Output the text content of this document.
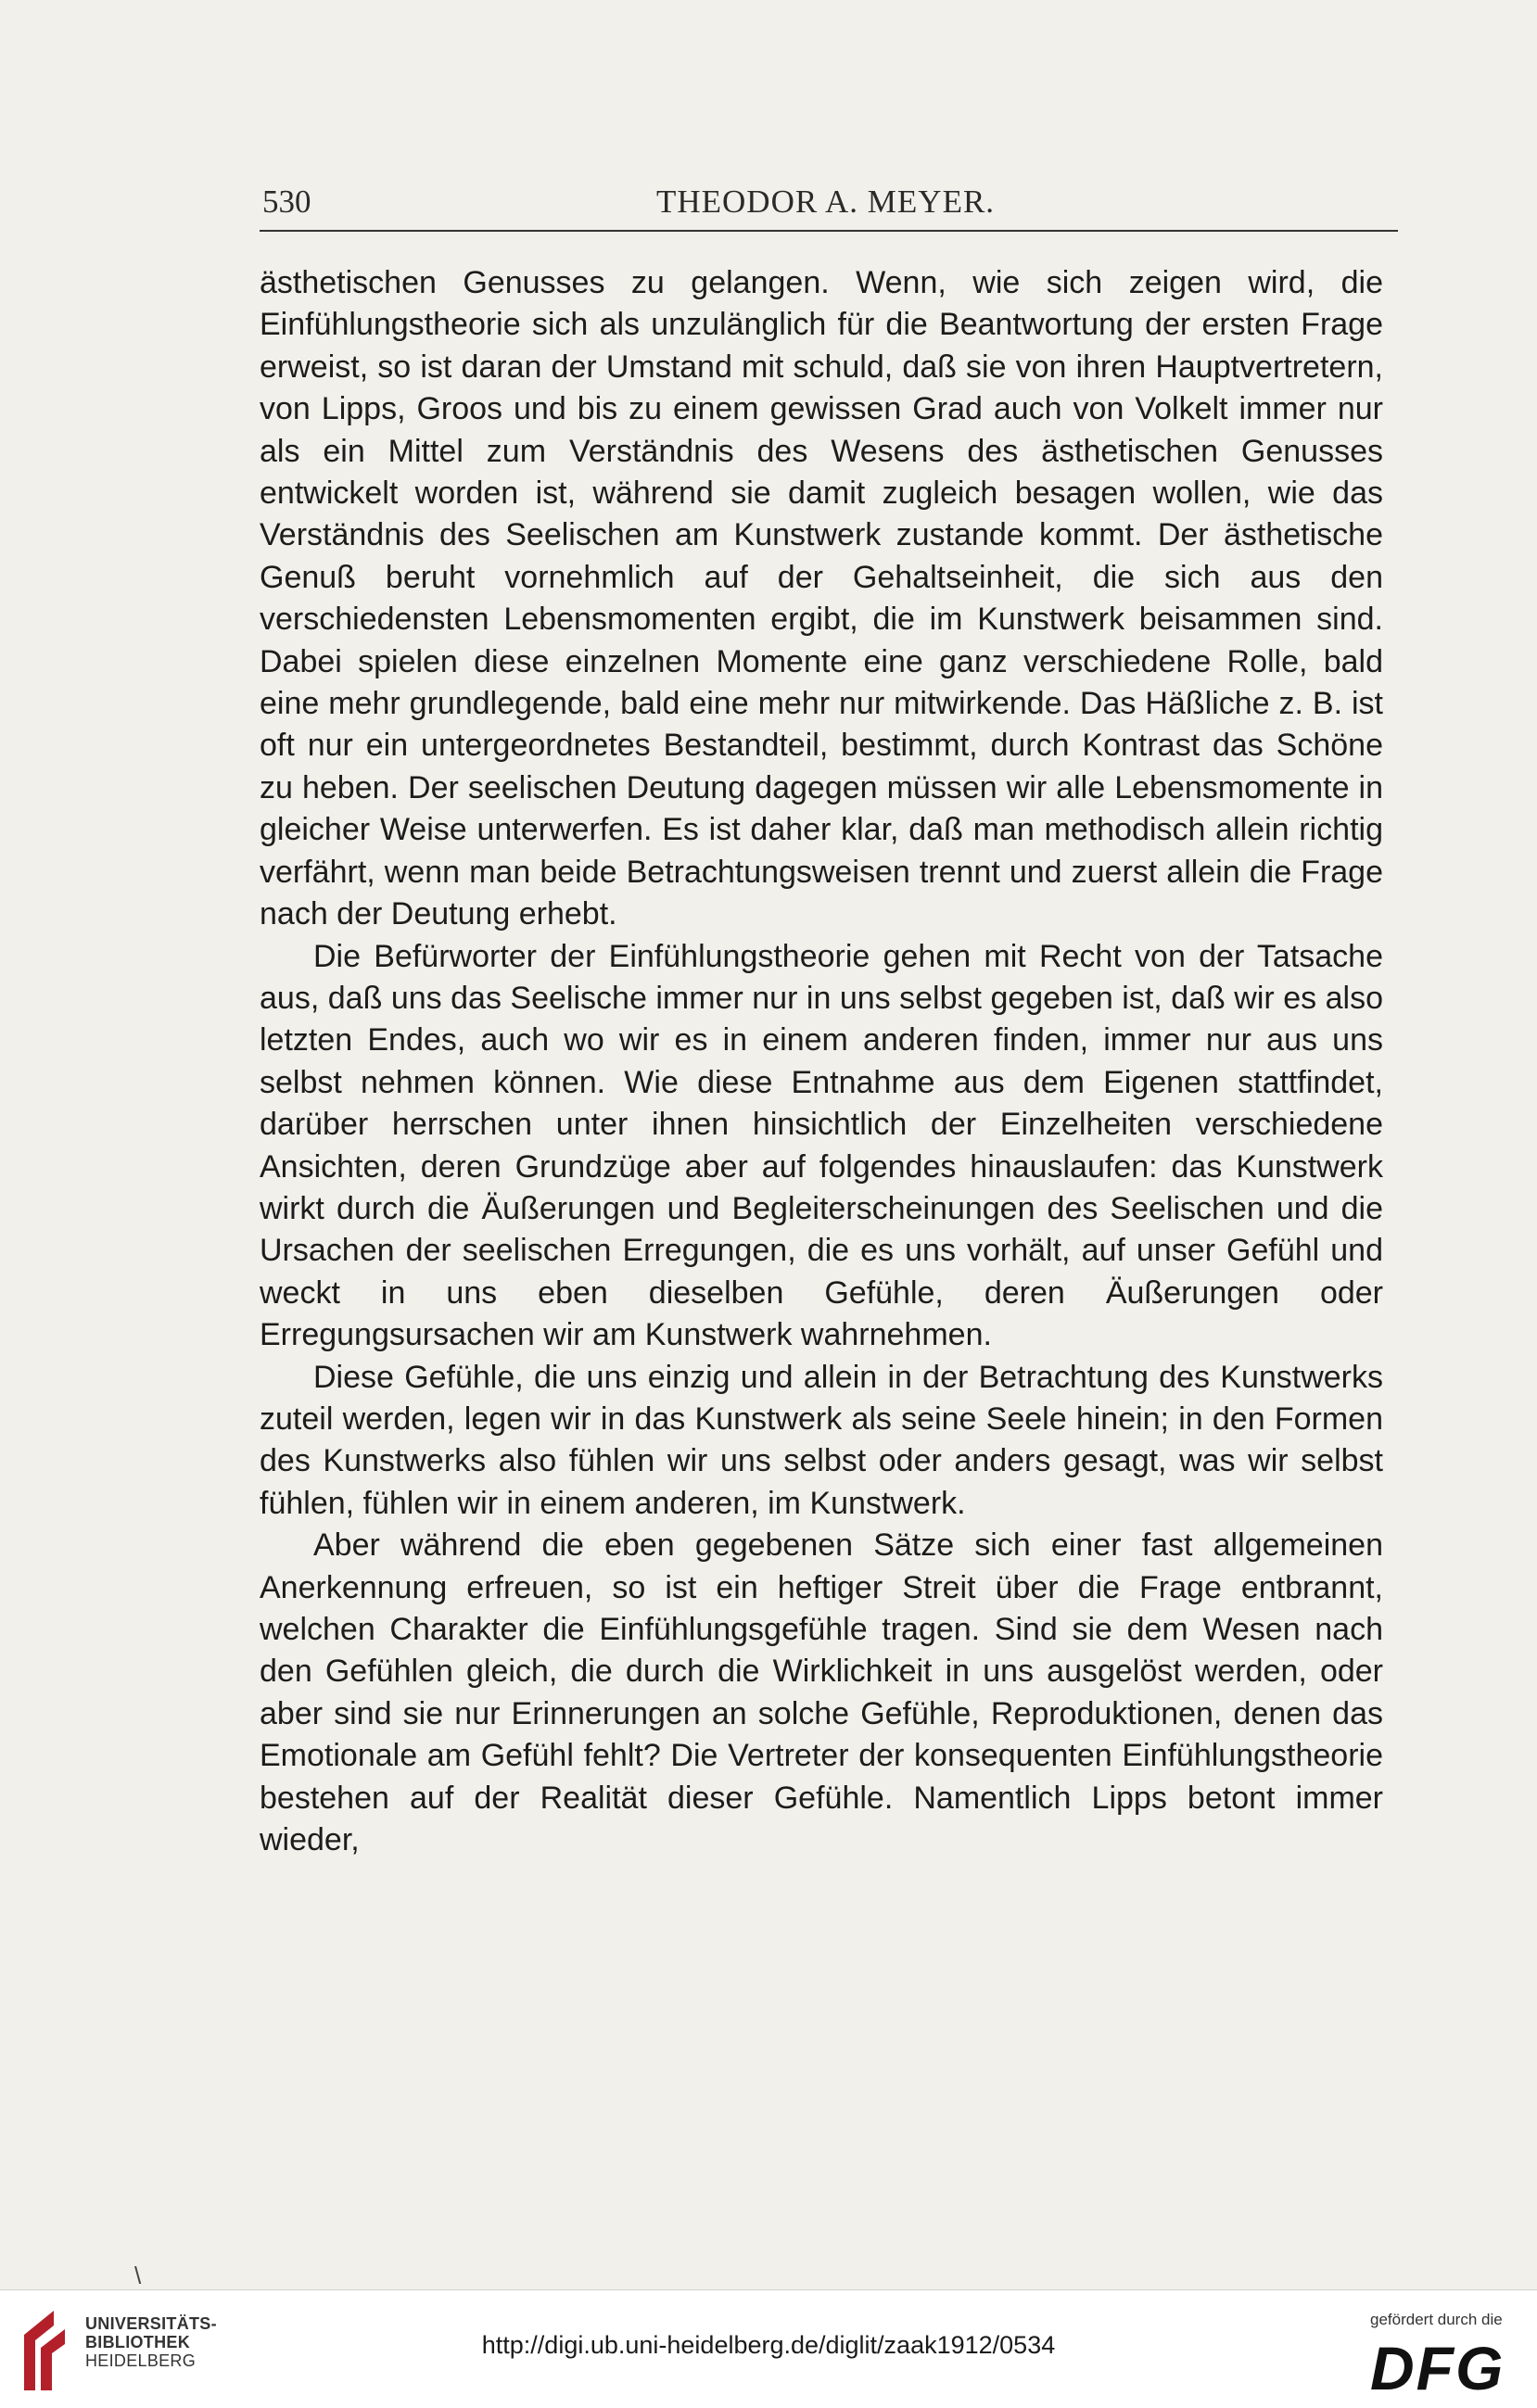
530	THEODOR A. MEYER.

ästhetischen Genusses zu gelangen. Wenn, wie sich zeigen wird, die Einfühlungstheorie sich als unzulänglich für die Beantwortung der ersten Frage erweist, so ist daran der Umstand mit schuld, daß sie von ihren Hauptvertretern, von Lipps, Groos und bis zu einem gewissen Grad auch von Volkelt immer nur als ein Mittel zum Verständnis des Wesens des ästhetischen Genusses entwickelt worden ist, während sie damit zugleich besagen wollen, wie das Verständnis des Seelischen am Kunstwerk zustande kommt. Der ästhetische Genuß beruht vornehmlich auf der Gehaltseinheit, die sich aus den verschiedensten Lebensmomenten ergibt, die im Kunstwerk beisammen sind. Dabei spielen diese einzelnen Momente eine ganz verschiedene Rolle, bald eine mehr grundlegende, bald eine mehr nur mitwirkende. Das Häßliche z. B. ist oft nur ein untergeordnetes Bestandteil, bestimmt, durch Kontrast das Schöne zu heben. Der seelischen Deutung dagegen müssen wir alle Lebensmomente in gleicher Weise unterwerfen. Es ist daher klar, daß man methodisch allein richtig verfährt, wenn man beide Betrachtungsweisen trennt und zuerst allein die Frage nach der Deutung erhebt.

Die Befürworter der Einfühlungstheorie gehen mit Recht von der Tatsache aus, daß uns das Seelische immer nur in uns selbst gegeben ist, daß wir es also letzten Endes, auch wo wir es in einem anderen finden, immer nur aus uns selbst nehmen können. Wie diese Entnahme aus dem Eigenen stattfindet, darüber herrschen unter ihnen hinsichtlich der Einzelheiten verschiedene Ansichten, deren Grundzüge aber auf folgendes hinauslaufen: das Kunstwerk wirkt durch die Äußerungen und Begleiterscheinungen des Seelischen und die Ursachen der seelischen Erregungen, die es uns vorhält, auf unser Gefühl und weckt in uns eben dieselben Gefühle, deren Äußerungen oder Erregungsursachen wir am Kunstwerk wahrnehmen.

Diese Gefühle, die uns einzig und allein in der Betrachtung des Kunstwerks zuteil werden, legen wir in das Kunstwerk als seine Seele hinein; in den Formen des Kunstwerks also fühlen wir uns selbst oder anders gesagt, was wir selbst fühlen, fühlen wir in einem anderen, im Kunstwerk.

Aber während die eben gegebenen Sätze sich einer fast allgemeinen Anerkennung erfreuen, so ist ein heftiger Streit über die Frage entbrannt, welchen Charakter die Einfühlungsgefühle tragen. Sind sie dem Wesen nach den Gefühlen gleich, die durch die Wirklichkeit in uns ausgelöst werden, oder aber sind sie nur Erinnerungen an solche Gefühle, Reproduktionen, denen das Emotionale am Gefühl fehlt? Die Vertreter der konsequenten Einfühlungstheorie bestehen auf der Realität dieser Gefühle. Namentlich Lipps betont immer wieder,

\
UNIVERSITÄTS-
BIBLIOTHEK
HEIDELBERG
http://digi.ub.uni-heidelberg.de/diglit/zaak1912/0534
gefördert durch die
DFG
